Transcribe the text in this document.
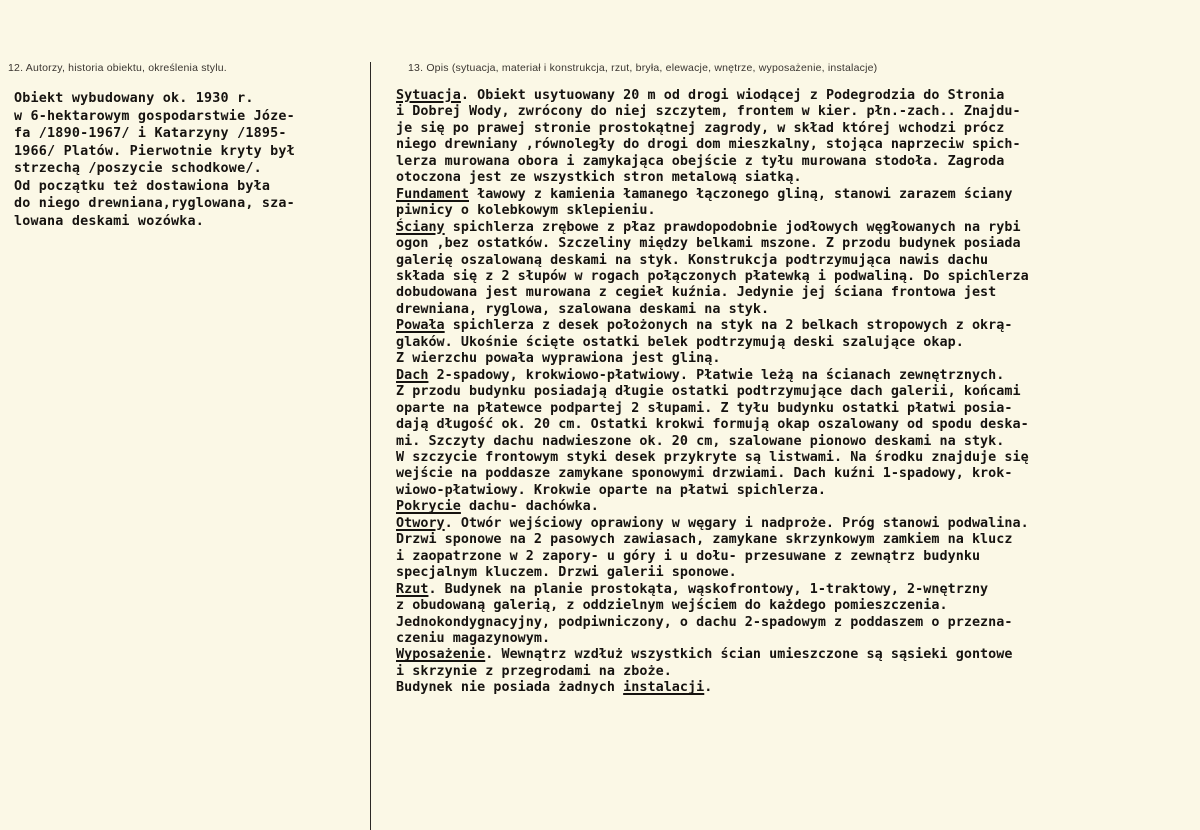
12. Autorzy, historia obiektu, określenia stylu.	13. Opis (sytuacja, materiał i konstrukcja, rzut, bryła, elewacje, wnętrze, wyposażenie, instalacje)
Obiekt wybudowany ok. 1930 r.
w 6-hektarowym gospodarstwie Józe-
fa /1890-1967/ i Katarzyny /1895-
1966/ Platów. Pierwotnie kryty był
strzechą /poszycie schodkowe/.
Od początku też dostawiona była
do niego drewniana,ryglowana, sza-
lowana deskami wozówka.
Sytuacja. Obiekt usytuowany 20 m od drogi wiodącej z Podegrodzia do Stronia
i Dobrej Wody, zwrócony do niej szczytem, frontem w kier. płn.-zach.. Znajdu-
je się po prawej stronie prostokątnej zagrody, w skład której wchodzi prócz
niego drewniany ,równoległy do drogi dom mieszkalny, stojąca naprzeciw spich-
lerza murowana obora i zamykająca obejście z tyłu murowana stodoła. Zagroda
otoczona jest ze wszystkich stron metalową siatką.
Fundament ławowy z kamienia łamanego łączonego gliną, stanowi zarazem ściany
piwnicy o kolebkowym sklepieniu.
Ściany spichlerza zrębowe z płaz prawdopodobnie jodłowych węgłowanych na rybi
ogon ,bez ostatków. Szczeliny między belkami mszone. Z przodu budynek posiada
galerię oszalowaną deskami na styk. Konstrukcja podtrzymująca nawis dachu
składa się z 2 słupów w rogach połączonych płatewką i podwaliną. Do spichlerza
dobudowana jest murowana z cegieł kuźnia. Jedynie jej ściana frontowa jest
drewniana, ryglowa, szalowana deskami na styk.
Powała spichlerza z desek położonych na styk na 2 belkach stropowych z okrą-
glaków. Ukośnie ścięte ostatki belek podtrzymują deski szalujące okap.
Z wierzchu powała wyprawiona jest gliną.
Dach 2-spadowy, krokwiowo-płatwiowy. Płatwie leżą na ścianach zewnętrznych.
Z przodu budynku posiadają długie ostatki podtrzymujące dach galerii, końcami
oparte na płatewce podpartej 2 słupami. Z tyłu budynku ostatki płatwi posia-
dają długość ok. 20 cm. Ostatki krokwi formują okap oszalowany od spodu deska-
mi. Szczyty dachu nadwieszone ok. 20 cm, szalowane pionowo deskami na styk.
W szczycie frontowym styki desek przykryte są listwami. Na środku znajduje się
wejście na poddasze zamykane sponowymi drzwiami. Dach kuźni 1-spadowy, krok-
wiowo-płatwiowy. Krokwie oparte na płatwi spichlerza.
Pokrycie dachu- dachówka.
Otwory. Otwór wejściowy oprawiony w węgary i nadproże. Próg stanowi podwalina.
Drzwi sponowe na 2 pasowych zawiasach, zamykane skrzynkowym zamkiem na klucz
i zaopatrzone w 2 zapory- u góry i u dołu- przesuwane z zewnątrz budynku
specjalnym kluczem. Drzwi galerii sponowe.
Rzut. Budynek na planie prostokąta, wąskofrontowy, 1-traktowy, 2-wnętrzny
z obudowaną galerią, z oddzielnym wejściem do każdego pomieszczenia.
Jednokondygnacyjny, podpiwniczony, o dachu 2-spadowym z poddaszem o przezna-
czeniu magazynowym.
Wyposażenie. Wewnątrz wzdłuż wszystkich ścian umieszczone są sąsieki gontowe
i skrzynie z przegrodami na zboże.
Budynek nie posiada żadnych instalacji.
